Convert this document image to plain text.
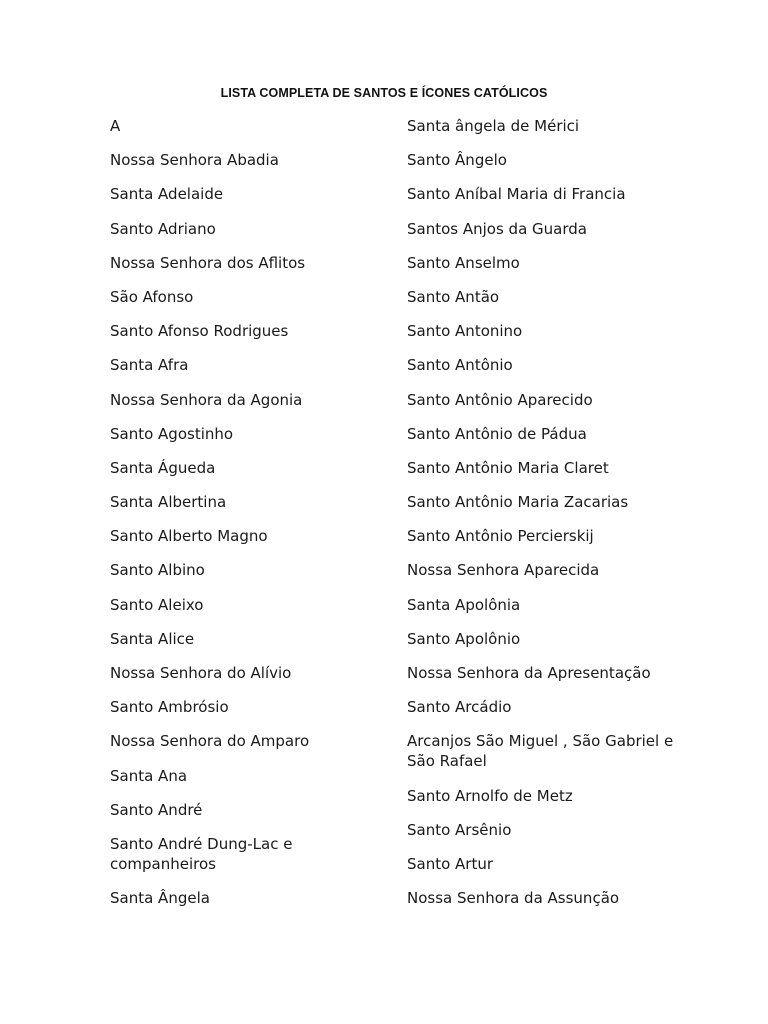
LISTA COMPLETA DE SANTOS E ÍCONES CATÓLICOS
A
Nossa Senhora Abadia
Santa Adelaide
Santo Adriano
Nossa Senhora dos Aflitos
São Afonso
Santo Afonso Rodrigues
Santa Afra
Nossa Senhora da Agonia
Santo Agostinho
Santa Águeda
Santa Albertina
Santo Alberto Magno
Santo Albino
Santo Aleixo
Santa Alice
Nossa Senhora do Alívio
Santo Ambrósio
Nossa Senhora do Amparo
Santa Ana
Santo André
Santo André Dung-Lac e companheiros
Santa Ângela
Santa ângela de Mérici
Santo Ângelo
Santo Aníbal Maria di Francia
Santos Anjos da Guarda
Santo Anselmo
Santo Antão
Santo Antonino
Santo Antônio
Santo Antônio Aparecido
Santo Antônio de Pádua
Santo Antônio Maria Claret
Santo Antônio Maria Zacarias
Santo Antônio Percierskij
Nossa Senhora Aparecida
Santa Apolônia
Santo Apolônio
Nossa Senhora da Apresentação
Santo Arcádio
Arcanjos São Miguel , São Gabriel e São Rafael
Santo Arnolfo de Metz
Santo Arsênio
Santo Artur
Nossa Senhora da Assunção
